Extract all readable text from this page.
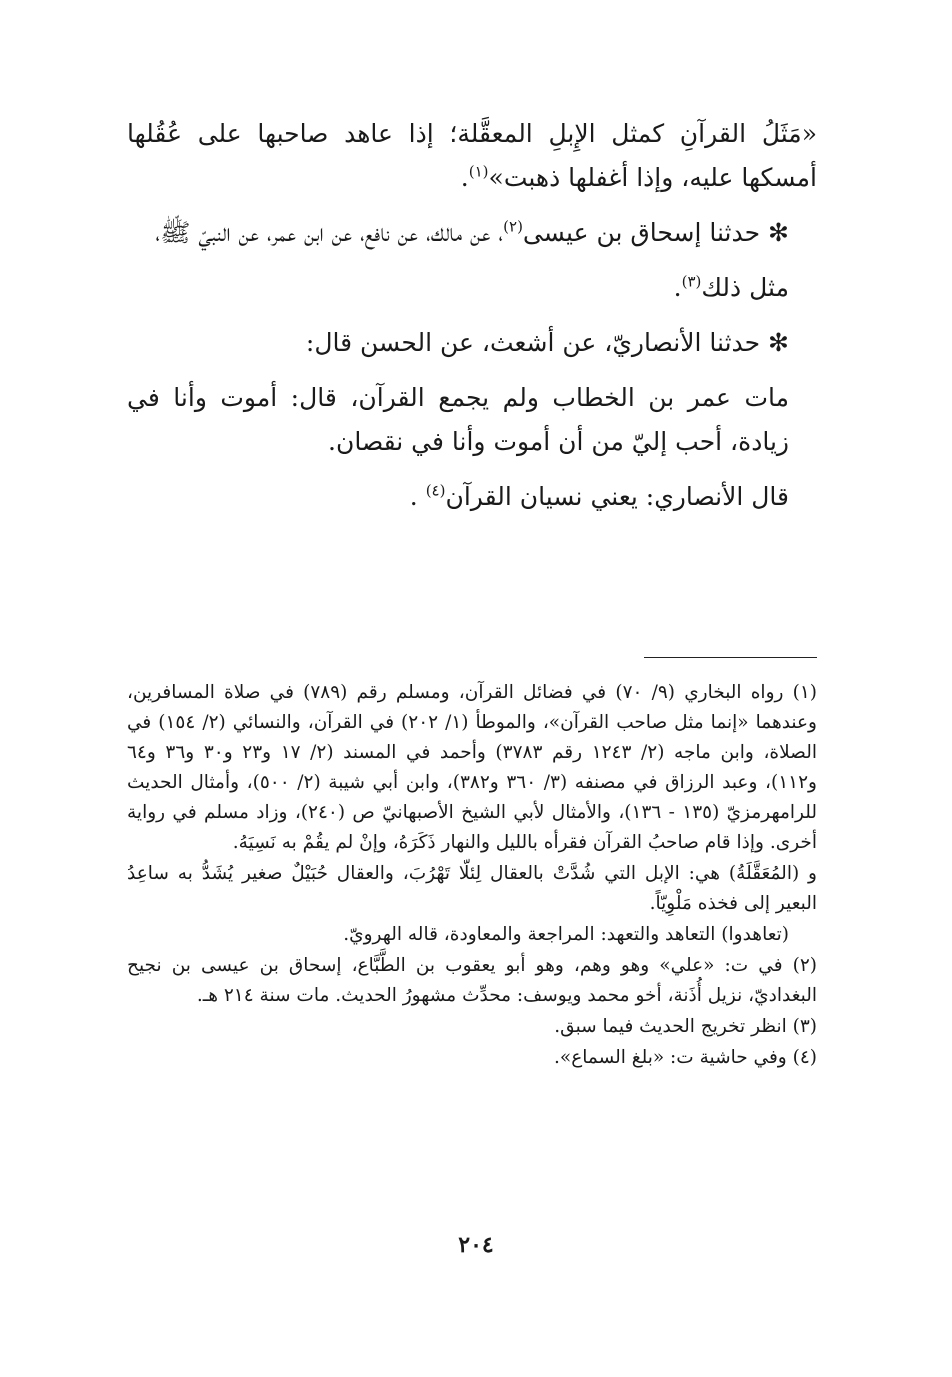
«مَثَلُ القرآنِ كمثل الإِبلِ المعقَّلة؛ إذا عاهد صاحبها على عُقُلها أمسكها عليه، وإذا أغفلها ذهبت»$^{(١)}$.

✻ حدثنا إسحاق بن عيسى$^{(٢)}$، عن مالك، عن نافع، عن ابن عمر، عن النبيّ ﷺ،

مثل ذلك$^{(٣)}$.

✻ حدثنا الأنصاريّ، عن أشعث، عن الحسن قال:

مات عمر بن الخطاب ولم يجمع القرآن، قال: أموت وأنا في زيادة، أحب إليّ من أن أموت وأنا في نقصان.

قال الأنصاري: يعني نسيان القرآن$^{(٤)}$ .

(١) رواه البخاري (٩/ ٧٠) في فضائل القرآن، ومسلم رقم (٧٨٩) في صلاة المسافرين، وعندهما «إنما مثل صاحب القرآن»، والموطأ (١/ ٢٠٢) في القرآن، والنسائي (٢/ ١٥٤) في الصلاة، وابن ماجه (٢/ ١٢٤٣ رقم ٣٧٨٣) وأحمد في المسند (٢/ ١٧ و٢٣ و٣٠ و٣٦ و٦٤ و١١٢)، وعبد الرزاق في مصنفه (٣/ ٣٦٠ و٣٨٢)، وابن أبي شيبة (٢/ ٥٠٠)، وأمثال الحديث للرامهرمزيّ (١٣٥ - ١٣٦)، والأمثال لأبي الشيخ الأصبهانيّ ص (٢٤٠)، وزاد مسلم في رواية أخرى. وإذا قام صاحبُ القرآن فقرأه بالليل والنهار ذَكَرَهُ، وإنْ لم يقُمْ به نَسِيَهُ.

و (المُعَقَّلَةُ) هي: الإبل التي شُدَّتْ بالعقال لِئلّا تَهْرُبَ، والعقال حُبَيْلٌ صغير يُشَدُّ به ساعِدُ البعير إلى فخذه مَلْوِيّاً.

(تعاهدوا) التعاهد والتعهد: المراجعة والمعاودة، قاله الهرويّ.

(٢) في ت: «علي» وهو وهم، وهو أبو يعقوب بن الطَّبَّاع، إسحاق بن عيسى بن نجيح البغداديّ، نزيل أُذَنة، أخو محمد ويوسف: محدِّث مشهورُ الحديث. مات سنة ٢١٤ هـ.

(٣) انظر تخريج الحديث فيما سبق.

(٤) وفي حاشية ت: «بلغ السماع».

٢٠٤
